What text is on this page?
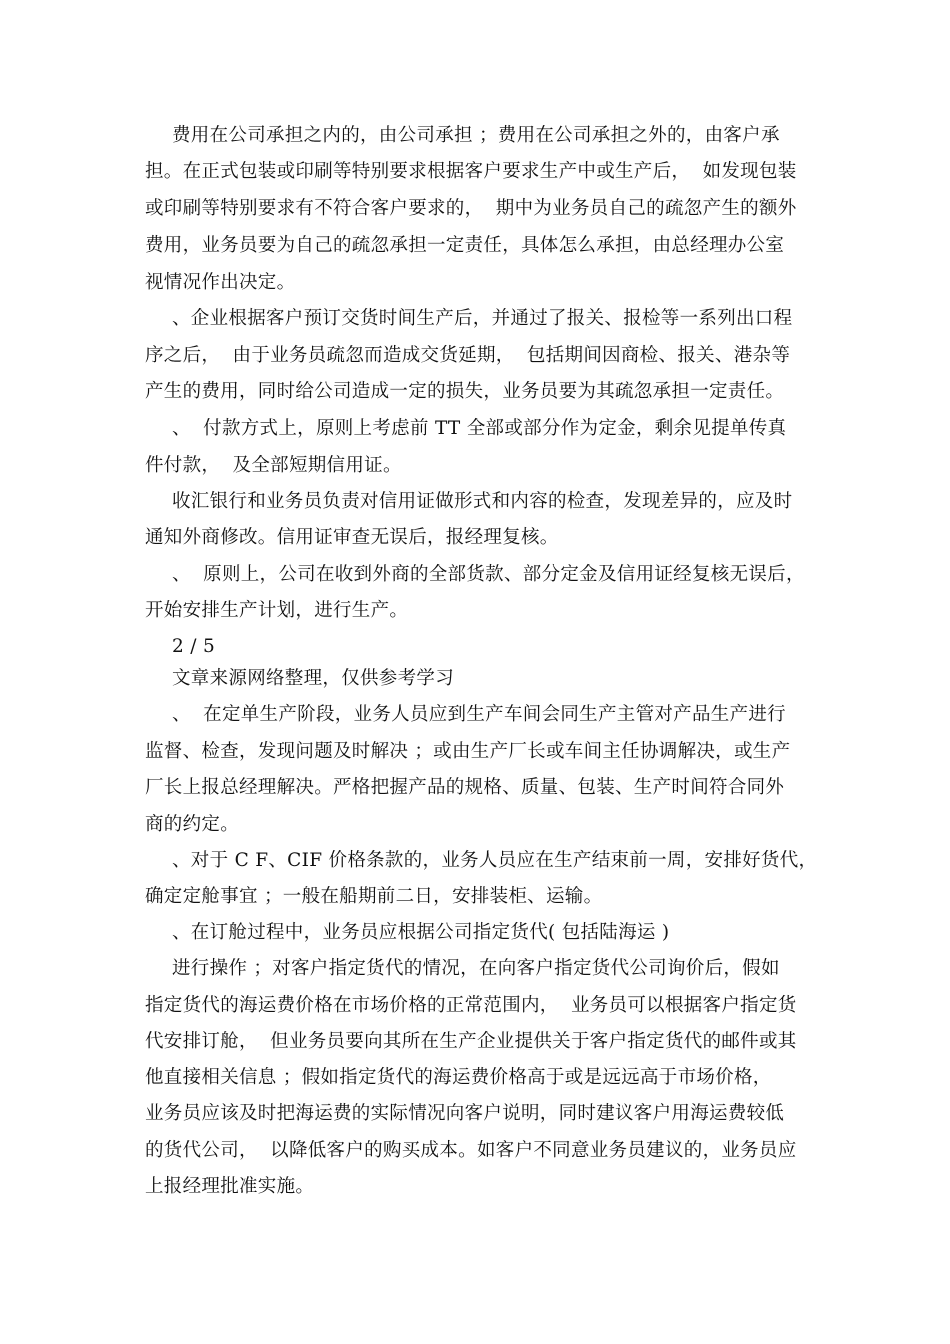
费用在公司承担之内的，由公司承担 ；费用在公司承担之外的，由客户承
担。在正式包装或印刷等特别要求根据客户要求生产中或生产后，  如发现包装
或印刷等特别要求有不符合客户要求的，  期中为业务员自己的疏忽产生的额外
费用，业务员要为自己的疏忽承担一定责任，具体怎么承担，由总经理办公室
视情况作出决定。
、企业根据客户预订交货时间生产后，并通过了报关、报检等一系列出口程
序之后，  由于业务员疏忽而造成交货延期，  包括期间因商检、报关、港杂等
产生的费用，同时给公司造成一定的损失，业务员要为其疏忽承担一定责任。
、  付款方式上，原则上考虑前 TT 全部或部分作为定金，剩余见提单传真
件付款，  及全部短期信用证。
收汇银行和业务员负责对信用证做形式和内容的检查，发现差异的，应及时
通知外商修改。信用证审查无误后，报经理复核。
、  原则上，公司在收到外商的全部货款、部分定金及信用证经复核无误后，
开始安排生产计划，进行生产。
2 / 5
文章来源网络整理，仅供参考学习
、  在定单生产阶段，业务人员应到生产车间会同生产主管对产品生产进行
监督、检查，发现问题及时解决 ；或由生产厂长或车间主任协调解决，或生产
厂长上报总经理解决。严格把握产品的规格、质量、包装、生产时间符合同外
商的约定。
、对于 C F、CIF 价格条款的，业务人员应在生产结束前一周，安排好货代，
确定定舱事宜 ；一般在船期前二日，安排装柜、运输。
、在订舱过程中，业务员应根据公司指定货代( 包括陆海运 )
进行操作 ；对客户指定货代的情况，在向客户指定货代公司询价后，假如
指定货代的海运费价格在市场价格的正常范围内，  业务员可以根据客户指定货
代安排订舱，  但业务员要向其所在生产企业提供关于客户指定货代的邮件或其
他直接相关信息 ；假如指定货代的海运费价格高于或是远远高于市场价格，
业务员应该及时把海运费的实际情况向客户说明，同时建议客户用海运费较低
的货代公司，  以降低客户的购买成本。如客户不同意业务员建议的，业务员应
上报经理批准实施。
